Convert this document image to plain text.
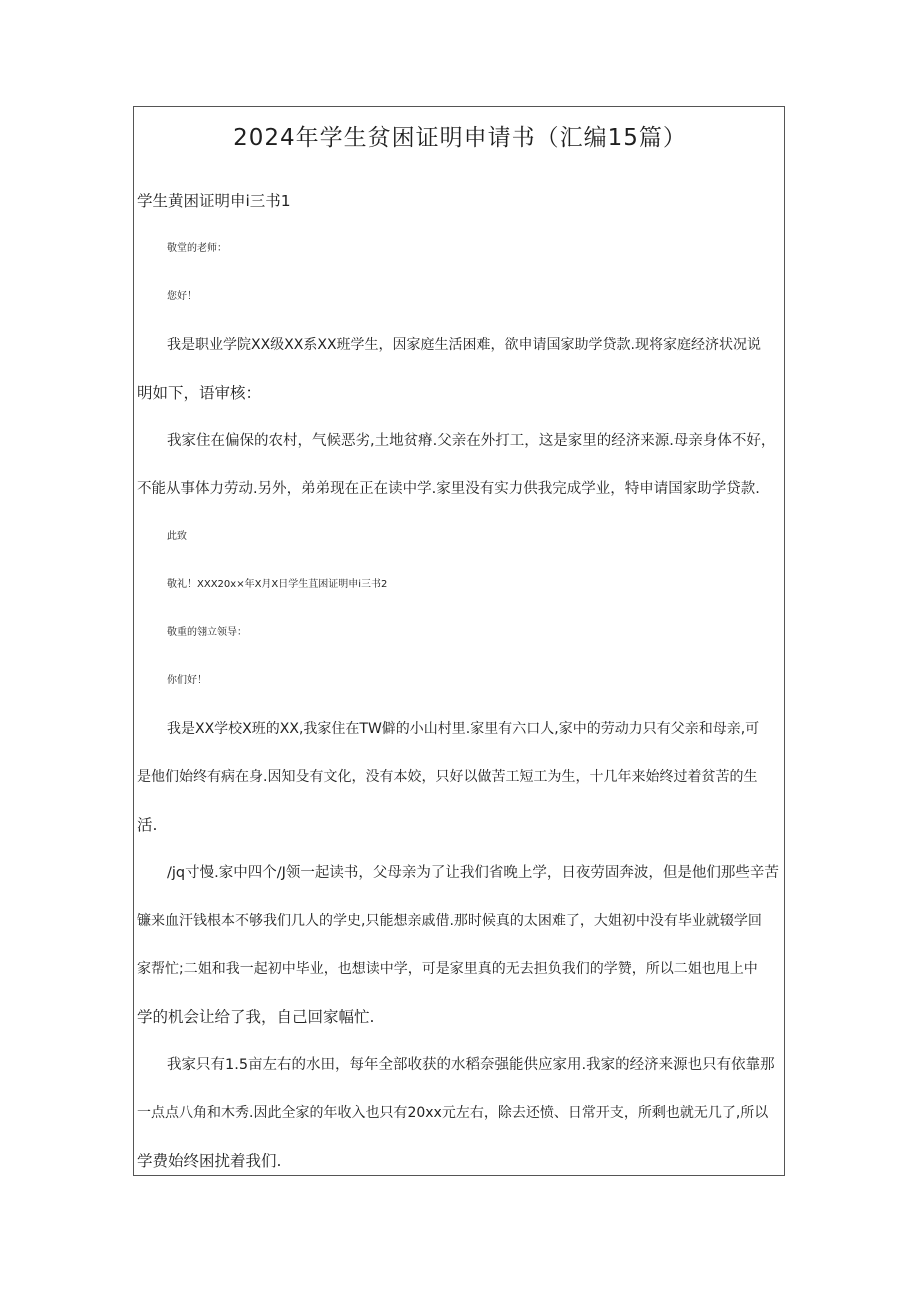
2024年学生贫困证明申请书（汇编15篇）
学生黄困证明申i三书1
敬堂的老师：
您好！
我是职业学院XX级XX系XX班学生，因家庭生活困难，欲申请国家助学贷款.现将家庭经济状况说
明如下，语审核：
我家住在偏保的农村，气候恶劣,土地贫瘠.父亲在外打工，这是家里的经济来源.母亲身体不好，
不能从事体力劳动.另外，弟弟现在正在读中学.家里没有实力供我完成学业，特申请国家助学贷款.
此致
敬礼！XXX20x×年X月X日学生苴困证明申i三书2
敬重的翎立领导：
你们好！
我是XX学校X班的XX,我家住在TW僻的小山村里.家里有六口人,家中的劳动力只有父亲和母亲,可
是他们始终有病在身.因知殳有文化，没有本姣，只好以做苦工短工为生，十几年来始终过着贫苦的生
活.
/jq寸慢.家中四个/J领一起读书，父母亲为了让我们省晚上学，日夜劳固奔波，但是他们那些辛苦
镰来血汗钱根本不够我们几人的学史,只能想亲戚借.那时候真的太困难了，大姐初中没有毕业就辍学回
家帮忙;二姐和我一起初中毕业，也想读中学，可是家里真的无去担负我们的学赞，所以二姐也甩上中
学的机会让给了我，自己回家幅忙.
我家只有1.5亩左右的水田，每年全部收获的水稻奈强能供应家用.我家的经济来源也只有依靠那
一点点八角和木秀.因此全家的年收入也只有20xx元左右，除去还愤、日常开支，所剩也就无几了,所以
学费始终困扰着我们.
